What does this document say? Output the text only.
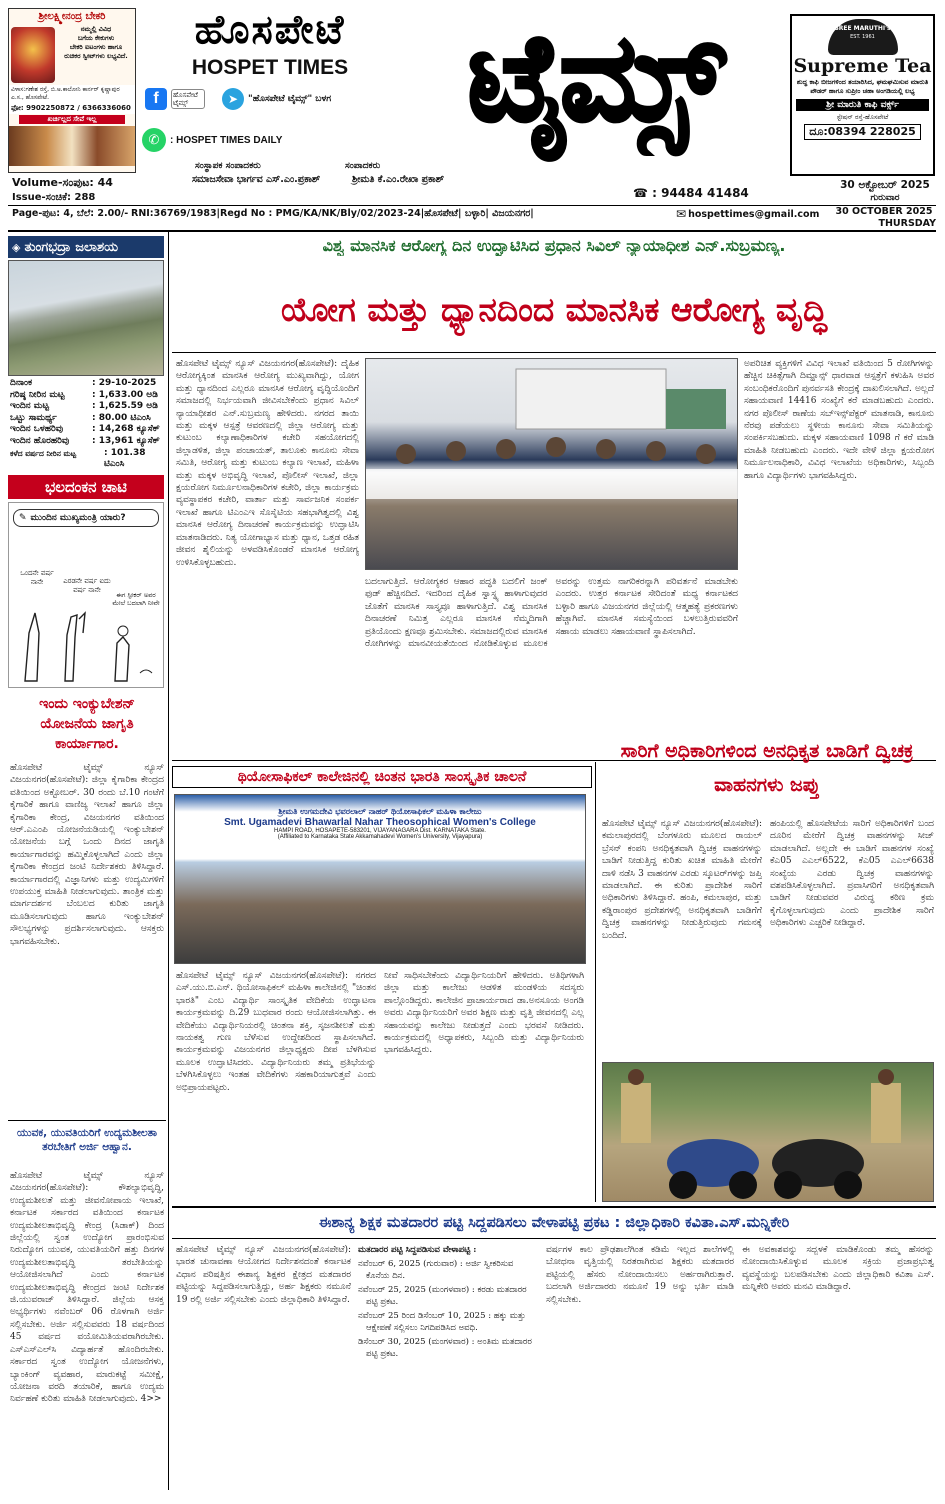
ಶ್ರೀಲಕ್ಷ್ಮೀನಂದ್ರ ಬೇಕರಿ
ನಮ್ಮಲ್ಲಿ ವಿವಿಧ
ಬಗೆಯ ಕೇಕುಗಳು
ಬೇಕರಿ ಐಟಂಗಳು ಹಾಗೂ
ರುಚಿಕರ ಸ್ವೀಟ್‌ಗಳು ಲಭ್ಯವಿದೆ.
ವಿಳಾಸ:ಗಣೇಶ ರಸ್ತೆ, ಬಿ.ಅ.ಕಾಲೋನಿ ಕಾರ್ನರ್ ಕೃಷ್ಣಾಪುರ ಎ.ಸ., ಹೊಸಪೇಟೆ.
ಫೋ: 9902250872 / 6366336060
ಖರ್ಚಿಲ್ಲದ ಸೇವೆ ಇಲ್ಲ
ಹೊಸಪೇಟೆ
HOSPET TIMES
f	ಹೊಸಪೇಟೆ ಟೈಮ್ಸ್	➤	"ಹೊಸಪೇಟೆ ಟೈಮ್ಸ್" ಬಳಗ
✆	: HOSPET TIMES DAILY	ಟೈಮ್ಸ್	SREE MARUTHI's
EST. 1961
Supreme Tea
ಶುದ್ಧ ಕಾಫಿ ಬೀಜಗಳಿಂದ ತಯಾರಿಸಿದ, ಘಮಘಮಿಸುವ ಮಾರುತಿ ಪೌಡರ್ ಹಾಗೂ ಸುಪ್ರೀಂ ಚಹಾ ಅಂಗಡಿಯಲ್ಲಿ ಲಭ್ಯ
ಶ್ರೀ ಮಾರುತಿ ಕಾಫಿ ವರ್ಕ್ಸ್
ಸ್ಟೇಷನ್ ರಸ್ತೆ-ಹೊಸಪೇಟೆ
ದೂ:08394 228025
ಸಂಸ್ಥಾಪಕ ಸಂಪಾದಕರು	ಸಂಪಾದಕರು
ಸಮಾಜಸೇವಾ ಭಾರ್ಗವ ಎಸ್.ಎಂ.ಪ್ರಕಾಶ್	ಶ್ರೀಮತಿ ಕೆ.ಎಂ.ರೇಖಾ ಪ್ರಕಾಶ್
Volume-ಸಂಪುಟ: 44
Issue-ಸಂಚಿಕೆ: 288	☎ : 94484 41484
30 ಅಕ್ಟೋಬರ್ 2025
ಗುರುವಾರ
Page-ಪುಟ: 4, ಬೆಲೆ: 2.00/- RNI:36769/1983|Regd No : PMG/KA/NK/Bly/02/2023-24|ಹೊಸಪೇಟೆ| ಬಳ್ಳಾರಿ| ವಿಜಯನಗರ|	✉ hospettimes@gmail.com	30 OCTOBER 2025
THURSDAY
◈ ತುಂಗಭದ್ರಾ ಜಲಾಶಯ
ದಿನಾಂಕ	: 29-10-2025
ಗರಿಷ್ಠ ನೀರಿನ ಮಟ್ಟ	: 1,633.00 ಅಡಿ
ಇಂದಿನ ಮಟ್ಟ	: 1,625.59 ಅಡಿ
ಒಟ್ಟು ಸಾಮರ್ಥ್ಯ	: 80.00 ಟಿಎಂಸಿ
ಇಂದಿನ ಒಳಹರಿವು	: 14,268 ಕ್ಯೂಸೆಕ್
ಇಂದಿನ ಹೊರಹರಿವು	: 13,961 ಕ್ಯೂಸೆಕ್
ಕಳೆದ ವರ್ಷದ ನೀರಿನ ಮಟ್ಟ	: 101.38 ಟಿಎಂಸಿ
ಭಲದಂಕನ ಚಾಟಿ
✎ ಮುಂದಿನ ಮುಖ್ಯಮಂತ್ರಿ ಯಾರು?
ಒಂದನೇ ವರ್ಷ ನಾನೇ	ಎರಡನೇ ವರ್ಷ ಐದು ವರ್ಷ ನಾನೇ
ಈಗ ಸ್ಪೀಕರ್ ಅವರ ಮೇಲೆ ಬದಲಾಗಿ ನೀವೇ
ಇಂದು ಇಂಕ್ಯುಬೇಶನ್ ಯೋಜನೆಯ ಜಾಗೃತಿ ಕಾರ್ಯಾಗಾರ.
ಹೊಸಪೇಟೆ ಟೈಮ್ಸ್ ನ್ಯೂಸ್ ವಿಜಯನಗರ(ಹೊಸಪೇಟೆ): ಜಿಲ್ಲಾ ಕೈಗಾರಿಕಾ ಕೇಂದ್ರದ ವತಿಯಿಂದ ಅಕ್ಟೋಬರ್. 30 ರಂದು ಬೆ.10 ಗಂಟೆಗೆ ಕೈಗಾರಿಕೆ ಹಾಗೂ ವಾಣಿಜ್ಯ ಇಲಾಖೆ ಹಾಗೂ ಜಿಲ್ಲಾ ಕೈಗಾರಿಕಾ ಕೇಂದ್ರ, ವಿಜಯನಗರ ವತಿಯಿಂದ ಆರ್.ಎಎಂಪಿ ಯೋಜನೆಯಡಿಯಲ್ಲಿ ಇಂಕ್ಯುಬೇಶನ್ ಯೋಜನೆಯ ಬಗ್ಗೆ ಒಂದು ದಿನದ ಜಾಗೃತಿ ಕಾರ್ಯಾಗಾರವನ್ನು ಹಮ್ಮಿಕೊಳ್ಳಲಾಗಿದೆ ಎಂದು ಜಿಲ್ಲಾ ಕೈಗಾರಿಕಾ ಕೇಂದ್ರದ ಜಂಟಿ ನಿರ್ದೇಶಕರು ತಿಳಿಸಿದ್ದಾರೆ. ಕಾರ್ಯಾಗಾರದಲ್ಲಿ ವಿಜ್ಞಾನಿಗಳು ಮತ್ತು ಉದ್ಯಮಿಗಳಿಗೆ ಉಪಯುಕ್ತ ಮಾಹಿತಿ ನೀಡಲಾಗುವುದು. ತಾಂತ್ರಿಕ ಮತ್ತು ಮಾರ್ಗದರ್ಶನ ಬೆಂಬಲದ ಕುರಿತು ಜಾಗೃತಿ ಮೂಡಿಸಲಾಗುವುದು ಹಾಗೂ ಇಂಕ್ಯುಬೇಶನ್ ಸೌಲಭ್ಯಗಳನ್ನು ಪ್ರದರ್ಶಿಸಲಾಗುವುದು. ಆಸಕ್ತರು ಭಾಗವಹಿಸಬೇಕು.
ಯುವಕ, ಯುವತಿಯರಿಗೆ ಉದ್ಯಮಶೀಲತಾ ತರಬೇತಿಗೆ ಅರ್ಜಿ ಆಹ್ವಾನ.
ಹೊಸಪೇಟೆ ಟೈಮ್ಸ್ ನ್ಯೂಸ್ ವಿಜಯನಗರ(ಹೊಸಪೇಟೆ): ಕೌಶಲ್ಯಾಭಿವೃದ್ಧಿ, ಉದ್ಯಮಶೀಲತೆ ಮತ್ತು ಜೀವನೋಪಾಯ ಇಲಾಖೆ, ಕರ್ನಾಟಕ ಸರ್ಕಾರದ ವತಿಯಿಂದ ಕರ್ನಾಟಕ ಉದ್ಯಮಶೀಲತಾಭಿವೃದ್ಧಿ ಕೇಂದ್ರ (ಸಿಡಾಕ್) ದಿಂದ ಜಿಲ್ಲೆಯಲ್ಲಿ ಸ್ವಂತ ಉದ್ಯೋಗ ಪ್ರಾರಂಭಿಸುವ ನಿರುದ್ಯೋಗ ಯುವಕ, ಯುವತಿಯರಿಗೆ ಹತ್ತು ದಿನಗಳ ಉದ್ಯಮಶೀಲತಾಭಿವೃದ್ಧಿ ತರಬೇತಿಯನ್ನು ಆಯೋಜಿಸಲಾಗಿದೆ ಎಂದು ಕರ್ನಾಟಕ ಉದ್ಯಮಶೀಲತಾಭಿವೃದ್ಧಿ ಕೇಂದ್ರದ ಜಂಟಿ ನಿರ್ದೇಶಕ ಜಿ.ಯುವರಾಜ್ ತಿಳಿಸಿದ್ದಾರೆ. ಜಿಲ್ಲೆಯ ಆಸಕ್ತ ಅಭ್ಯರ್ಥಿಗಳು ನವೆಂಬರ್ 06 ರೊಳಗಾಗಿ ಅರ್ಜಿ ಸಲ್ಲಿಸಬೇಕು. ಅರ್ಜಿ ಸಲ್ಲಿಸುವವರು 18 ವರ್ಷದಿಂದ 45 ವರ್ಷದ ವಯೋಮಿತಿಯವರಾಗಿರಬೇಕು. ಎಸ್‌ಎಸ್‌ಎಲ್‌ಸಿ ವಿದ್ಯಾರ್ಹತೆ ಹೊಂದಿರಬೇಕು. ಸರ್ಕಾರದ ಸ್ವಂತ ಉದ್ಯೋಗ ಯೋಜನೆಗಳು, ಬ್ಯಾಂಕಿಂಗ್ ವ್ಯವಹಾರ, ಮಾರುಕಟ್ಟೆ ಸಮೀಕ್ಷೆ, ಯೋಜನಾ ವರದಿ ತಯಾರಿಕೆ, ಹಾಗೂ ಉದ್ಯಮ ನಿರ್ವಹಣೆ ಕುರಿತು ಮಾಹಿತಿ ನೀಡಲಾಗುವುದು. 4>>
ವಿಶ್ವ ಮಾನಸಿಕ ಆರೋಗ್ಯ ದಿನ ಉದ್ಘಾಟಿಸಿದ ಪ್ರಧಾನ ಸಿವಿಲ್ ನ್ಯಾಯಾಧೀಶ ಎನ್.ಸುಬ್ರಮಣ್ಯ.
ಯೋಗ ಮತ್ತು ಧ್ಯಾನದಿಂದ ಮಾನಸಿಕ ಆರೋಗ್ಯ ವೃದ್ಧಿ
ಹೊಸಪೇಟೆ ಟೈಮ್ಸ್ ನ್ಯೂಸ್ ವಿಜಯನಗರ(ಹೊಸಪೇಟೆ): ದೈಹಿಕ ಆರೋಗ್ಯಕ್ಕಿಂತ ಮಾನಸಿಕ ಆರೋಗ್ಯ ಮುಖ್ಯವಾಗಿದ್ದು, ಯೋಗ ಮತ್ತು ಧ್ಯಾನದಿಂದ ಎಲ್ಲರೂ ಮಾನಸಿಕ ಆರೋಗ್ಯ ವೃದ್ಧಿಯೊಂದಿಗೆ ಸಮಾಜದಲ್ಲಿ ನಿರ್ಭಯವಾಗಿ ಜೀವಿಸಬೇಕೆಂದು ಪ್ರಧಾನ ಸಿವಿಲ್ ನ್ಯಾಯಾಧೀಶರ ಎನ್.ಸುಬ್ರಮಣ್ಯ ಹೇಳಿದರು. ನಗರದ ತಾಯಿ ಮತ್ತು ಮಕ್ಕಳ ಆಸ್ಪತ್ರೆ ಆವರಣದಲ್ಲಿ ಜಿಲ್ಲಾ ಆರೋಗ್ಯ ಮತ್ತು ಕುಟುಂಬ ಕಲ್ಯಾಣಾಧಿಕಾರಿಗಳ ಕಚೇರಿ ಸಹಯೋಗದಲ್ಲಿ ಜಿಲ್ಲಾಡಳಿತ, ಜಿಲ್ಲಾ ಪಂಚಾಯತ್, ತಾಲೂಕು ಕಾನೂನು ಸೇವಾ ಸಮಿತಿ, ಆರೋಗ್ಯ ಮತ್ತು ಕುಟುಂಬ ಕಲ್ಯಾಣ ಇಲಾಖೆ, ಮಹಿಳಾ ಮತ್ತು ಮಕ್ಕಳ ಅಭಿವೃದ್ಧಿ ಇಲಾಖೆ, ಪೊಲೀಸ್ ಇಲಾಖೆ, ಜಿಲ್ಲಾ ಕ್ಷಯರೋಗ ನಿರ್ಮೂಲನಾಧಿಕಾರಿಗಳ ಕಚೇರಿ, ಜಿಲ್ಲಾ ಕಾರ್ಯಕ್ರಮ ವ್ಯವಸ್ಥಾಪಕರ ಕಚೇರಿ, ವಾರ್ತಾ ಮತ್ತು ಸಾರ್ವಜನಿಕ ಸಂಪರ್ಕ ಇಲಾಖೆ ಹಾಗೂ ಟಿಎಂಎಇ ಸೊಸೈಟಿಯ ಸಹಭಾಗಿತ್ವದಲ್ಲಿ ವಿಶ್ವ ಮಾನಸಿಕ ಆರೋಗ್ಯ ದಿನಾಚರಣೆ ಕಾರ್ಯಕ್ರಮವನ್ನು ಉದ್ಘಾಟಿಸಿ ಮಾತನಾಡಿದರು. ನಿತ್ಯ ಯೋಗಾಭ್ಯಾಸ ಮತ್ತು ಧ್ಯಾನ, ಒತ್ತಡ ರಹಿತ ಜೀವನ ಶೈಲಿಯನ್ನು ಅಳವಡಿಸಿಕೊಂಡರೆ ಮಾನಸಿಕ ಆರೋಗ್ಯ ಉಳಿಸಿಕೊಳ್ಳಬಹುದು.
ಬದಲಾಗುತ್ತಿದೆ. ಆರೋಗ್ಯಕರ ಆಹಾರ ಪದ್ಧತಿ ಬದಲಿಗೆ ಜಂಕ್ ಫುಡ್ ಹೆಚ್ಚಿನದಿದೆ. ಇದರಿಂದ ದೈಹಿಕ ಸ್ವಾಸ್ಥ್ಯ ಹಾಳಾಗುವುದರ ಜೊತೆಗೆ ಮಾನಸಿಕ ಸಾಸ್ತ್ಯವೂ ಹಾಳಾಗುತ್ತಿದೆ. ವಿಶ್ವ ಮಾನಸಿಕ ದಿನಾಚರಣೆ ನಿಮಿತ್ತ ಎಲ್ಲರೂ ಮಾನಸಿಕ ನೆಮ್ಮದಿಗಾಗಿ ಪ್ರತಿಯೊಂದು ಕ್ಷಣವೂ ಶ್ರಮಿಸಬೇಕು. ಸಮಾಜದಲ್ಲಿರುವ ಮಾನಸಿಕ ರೋಗಿಗಳನ್ನು ಮಾನವೀಯತೆಯಿಂದ ನೋಡಿಕೊಳ್ಳುವ ಮೂಲಕ ಅವರನ್ನು ಉತ್ತಮ ನಾಗರಿಕರನ್ನಾಗಿ ಪರಿವರ್ತನೆ ಮಾಡಬೇಕು ಎಂದರು. ಉತ್ತರ ಕರ್ನಾಟಕ ಸೇರಿದಂತೆ ಮಧ್ಯ ಕರ್ನಾಟಕದ ಬಳ್ಳಾರಿ ಹಾಗೂ ವಿಜಯನಗರ ಜಿಲ್ಲೆಯಲ್ಲಿ ಆತ್ಮಹತ್ಯೆ ಪ್ರಕರಣಗಳು ಹೆಚ್ಚಾಗಿವೆ. ಮಾನಸಿಕ ಸಮಸ್ಯೆಯಿಂದ ಬಳಲುತ್ತಿರುವವರಿಗೆ ಸಹಾಯ ಮಾಡಲು ಸಹಾಯವಾಣಿ ಸ್ಥಾಪಿಸಲಾಗಿದೆ.
ಅಪರಿಚಿತ ವ್ಯಕ್ತಿಗಳಿಗೆ ವಿವಿಧ ಇಲಾಖೆ ವತಿಯಿಂದ 5 ರೋಗಿಗಳನ್ನು ಹೆಚ್ಚಿನ ಚಿಕಿತ್ಸೆಗಾಗಿ ದಿಮ್ಹಾನ್ಸ್ ಧಾರವಾಡ ಆಸ್ಪತ್ರೆಗೆ ಕಳುಹಿಸಿ ಅವರ ಸಂಬಂಧಿಕರೊಂದಿಗೆ ಪುನರ್ವಸತಿ ಕೇಂದ್ರಕ್ಕೆ ದಾಖಲಿಸಲಾಗಿದೆ. ಅಲ್ಲದೆ ಸಹಾಯವಾಣಿ 14416 ಸಂಖ್ಯೆಗೆ ಕರೆ ಮಾಡಬಹುದು ಎಂದರು. ನಗರ ಪೊಲೀಸ್ ಠಾಣೆಯ ಸಬ್‌ಇನ್ಸ್‌ಪೆಕ್ಟರ್ ಮಾತನಾಡಿ, ಕಾನೂನು ನೆರವು ಪಡೆಯಲು ಸ್ಥಳೀಯ ಕಾನೂನು ಸೇವಾ ಸಮಿತಿಯನ್ನು ಸಂಪರ್ಕಿಸಬಹುದು. ಮಕ್ಕಳ ಸಹಾಯವಾಣಿ 1098 ಗೆ ಕರೆ ಮಾಡಿ ಮಾಹಿತಿ ನೀಡಬಹುದು ಎಂದರು. ಇದೇ ವೇಳೆ ಜಿಲ್ಲಾ ಕ್ಷಯರೋಗ ನಿರ್ಮೂಲನಾಧಿಕಾರಿ, ವಿವಿಧ ಇಲಾಖೆಯ ಅಧಿಕಾರಿಗಳು, ಸಿಬ್ಬಂದಿ ಹಾಗೂ ವಿದ್ಯಾರ್ಥಿಗಳು ಭಾಗವಹಿಸಿದ್ದರು.
ಥಿಯೋಸಾಫಿಕಲ್ ಕಾಲೇಜಿನಲ್ಲಿ ಚಿಂತನ ಭಾರತಿ ಸಾಂಸ್ಕೃತಿಕ ಚಾಲನೆ
ಶ್ರೀಮತಿ ಉಗಮದೇವಿ ಭವರಲಾಲ್ ನಾಹರ್ ಥಿಯೋಸಾಫಿಕಲ್ ಮಹಿಳಾ ಕಾಲೇಜು
Smt. Ugamadevi Bhawarlal Nahar Theosophical Women's College
HAMPI ROAD, HOSAPETE-583201, VIJAYANAGARA Dist. KARNATAKA State.
(Affiliated to Karnataka State Akkamahadevi Women's University, Vijayapura)
ಹೊಸಪೇಟೆ ಟೈಮ್ಸ್ ನ್ಯೂಸ್ ವಿಜಯನಗರ(ಹೊಸಪೇಟೆ): ನಗರದ ಎಸ್.ಯು.ಬಿ.ಎನ್. ಥಿಯೋಸಾಫಿಕಲ್ ಮಹಿಳಾ ಕಾಲೇಜಿನಲ್ಲಿ "ಚಿಂತನ ಭಾರತಿ" ಎಂಬ ವಿದ್ಯಾರ್ಥಿ ಸಾಂಸ್ಕೃತಿಕ ವೇದಿಕೆಯ ಉದ್ಘಾಟನಾ ಕಾರ್ಯಕ್ರಮವನ್ನು ದಿ.29 ಬುಧವಾರ ರಂದು ಆಯೋಜಿಸಲಾಗಿತ್ತು. ಈ ವೇದಿಕೆಯು ವಿದ್ಯಾರ್ಥಿನಿಯರಲ್ಲಿ ಚಿಂತನಾ ಶಕ್ತಿ, ಸೃಜನಶೀಲತೆ ಮತ್ತು ನಾಯಕತ್ವ ಗುಣ ಬೆಳೆಸುವ ಉದ್ದೇಶದಿಂದ ಸ್ಥಾಪಿಸಲಾಗಿದೆ. ಕಾರ್ಯಕ್ರಮವನ್ನು ವಿಜಯನಗರ ಜಿಲ್ಲಾಧ್ಯಕ್ಷರು ದೀಪ ಬೆಳಗಿಸುವ ಮೂಲಕ ಉದ್ಘಾಟಿಸಿದರು. ವಿದ್ಯಾರ್ಥಿನಿಯರು ತಮ್ಮ ಪ್ರತಿಭೆಯನ್ನು ಬೆಳಗಿಸಿಕೊಳ್ಳಲು ಇಂತಹ ವೇದಿಕೆಗಳು ಸಹಕಾರಿಯಾಗುತ್ತವೆ ಎಂದು ಅಭಿಪ್ರಾಯಪಟ್ಟರು.
ನೀವೆ ಸಾಧಿಸಬೇಕೆಂದು ವಿದ್ಯಾರ್ಥಿನಿಯರಿಗೆ ಹೇಳಿದರು. ಅತಿಥಿಗಳಾಗಿ ಜಿಲ್ಲಾ ಮತ್ತು ಕಾಲೇಜು ಆಡಳಿತ ಮಂಡಳಿಯ ಸದಸ್ಯರು ಪಾಲ್ಗೊಂಡಿದ್ದರು. ಕಾಲೇಜಿನ ಪ್ರಾಚಾರ್ಯರಾದ ಡಾ.ಅನಸೂಯ ಅಂಗಡಿ ಅವರು ವಿದ್ಯಾರ್ಥಿನಿಯರಿಗೆ ಅವರ ಶಿಕ್ಷಣ ಮತ್ತು ವೃತ್ತಿ ಜೀವನದಲ್ಲಿ ಎಲ್ಲ ಸಹಾಯವನ್ನು ಕಾಲೇಜು ನೀಡುತ್ತದೆ ಎಂದು ಭರವಸೆ ನೀಡಿದರು. ಕಾರ್ಯಕ್ರಮದಲ್ಲಿ ಅಧ್ಯಾಪಕರು, ಸಿಬ್ಬಂದಿ ಮತ್ತು ವಿದ್ಯಾರ್ಥಿನಿಯರು ಭಾಗವಹಿಸಿದ್ದರು.
ಸಾರಿಗೆ ಅಧಿಕಾರಿಗಳಿಂದ ಅನಧಿಕೃತ ಬಾಡಿಗೆ ದ್ವಿಚಕ್ರ ವಾಹನಗಳು ಜಪ್ತು
ಹೊಸಪೇಟೆ ಟೈಮ್ಸ್ ನ್ಯೂಸ್ ವಿಜಯನಗರ(ಹೊಸಪೇಟೆ): ಕಮಲಾಪುರದಲ್ಲಿ ಬೆಂಗಳೂರು ಮೂಲದ ರಾಯಲ್ ಬ್ರೆಸನ್ ಕಂಪನಿ ಅನಧಿಕೃತವಾಗಿ ದ್ವಿಚಕ್ರ ವಾಹನಗಳನ್ನು ಬಾಡಿಗೆ ನೀಡುತ್ತಿದ್ದ ಕುರಿತು ಖಚಿತ ಮಾಹಿತಿ ಮೇರೆಗೆ ದಾಳಿ ನಡೆಸಿ 3 ವಾಹನಗಳ ಎರಡು ಸ್ಕೂಟರ್‌ಗಳನ್ನು ಜಪ್ತಿ ಮಾಡಲಾಗಿದೆ. ಈ ಕುರಿತು ಪ್ರಾದೇಶಿಕ ಸಾರಿಗೆ ಅಧಿಕಾರಿಗಳು ತಿಳಿಸಿದ್ದಾರೆ. ಹಂಪಿ, ಕಮಲಾಪುರ, ಮತ್ತು ಕಡ್ಡಿರಾಂಪುರ ಪ್ರದೇಶಗಳಲ್ಲಿ ಅನಧಿಕೃತವಾಗಿ ಬಾಡಿಗೆಗೆ ದ್ವಿಚಕ್ರ ವಾಹನಗಳನ್ನು ನೀಡುತ್ತಿರುವುದು ಗಮನಕ್ಕೆ ಬಂದಿದೆ.
ಹಂಪಿಯಲ್ಲಿ ಹೊಸಪೇಟೆಯ ಸಾರಿಗೆ ಅಧಿಕಾರಿಗಳಿಗೆ ಬಂದ ದೂರಿನ ಮೇರೆಗೆ ದ್ವಿಚಕ್ರ ವಾಹನಗಳನ್ನು ಸೀಜ್ ಮಾಡಲಾಗಿದೆ. ಅಲ್ಲದೇ ಈ ಬಾಡಿಗೆ ವಾಹನಗಳ ಸಂಖ್ಯೆ ಕೆಎ05 ಎಎಲ್6522, ಕೆಎ05 ಎಎಲ್6638 ಸಂಖ್ಯೆಯ ಎರಡು ದ್ವಿಚಕ್ರ ವಾಹನಗಳನ್ನು ವಶಪಡಿಸಿಕೊಳ್ಳಲಾಗಿದೆ. ಪ್ರವಾಸಿಗರಿಗೆ ಅನಧಿಕೃತವಾಗಿ ಬಾಡಿಗೆ ನೀಡುವವರ ವಿರುದ್ಧ ಕಠಿಣ ಕ್ರಮ ಕೈಗೊಳ್ಳಲಾಗುವುದು ಎಂದು ಪ್ರಾದೇಶಿಕ ಸಾರಿಗೆ ಅಧಿಕಾರಿಗಳು ಎಚ್ಚರಿಕೆ ನೀಡಿದ್ದಾರೆ.
ಈಶಾನ್ಯ ಶಿಕ್ಷಕ ಮತದಾರರ ಪಟ್ಟಿ ಸಿದ್ದಪಡಿಸಲು ವೇಳಾಪಟ್ಟಿ ಪ್ರಕಟ : ಜಿಲ್ಲಾಧಿಕಾರಿ ಕವಿತಾ.ಎಸ್.ಮನ್ನಿಕೇರಿ
ಹೊಸಪೇಟೆ ಟೈಮ್ಸ್ ನ್ಯೂಸ್ ವಿಜಯನಗರ(ಹೊಸಪೇಟೆ): ಭಾರತ ಚುನಾವಣಾ ಆಯೋಗದ ನಿರ್ದೇಶನದಂತೆ ಕರ್ನಾಟಕ ವಿಧಾನ ಪರಿಷತ್ತಿನ ಈಶಾನ್ಯ ಶಿಕ್ಷಕರ ಕ್ಷೇತ್ರದ ಮತದಾರರ ಪಟ್ಟಿಯನ್ನು ಸಿದ್ದಪಡಿಸಲಾಗುತ್ತಿದ್ದು, ಅರ್ಹ ಶಿಕ್ಷಕರು ನಮೂನೆ 19 ರಲ್ಲಿ ಅರ್ಜಿ ಸಲ್ಲಿಸಬೇಕು ಎಂದು ಜಿಲ್ಲಾಧಿಕಾರಿ ತಿಳಿಸಿದ್ದಾರೆ.
ಮತದಾರರ ಪಟ್ಟಿ ಸಿದ್ದಪಡಿಸುವ ವೇಳಾಪಟ್ಟಿ :
ನವೆಂಬರ್ 6, 2025 (ಗುರುವಾರ) : ಅರ್ಜಿ ಸ್ವೀಕರಿಸುವ ಕೊನೆಯ ದಿನ.
ನವೆಂಬರ್ 25, 2025 (ಮಂಗಳವಾರ) : ಕರಡು ಮತದಾರರ ಪಟ್ಟಿ ಪ್ರಕಟ.
ನವೆಂಬರ್ 25 ರಿಂದ ಡಿಸೆಂಬರ್ 10, 2025 : ಹಕ್ಕು ಮತ್ತು ಆಕ್ಷೇಪಣೆ ಸಲ್ಲಿಸಲು ನಿಗದಿಪಡಿಸಿದ ಅವಧಿ.
ಡಿಸೆಂಬರ್ 30, 2025 (ಮಂಗಳವಾರ) : ಅಂತಿಮ ಮತದಾರರ ಪಟ್ಟಿ ಪ್ರಕಟ.
ವರ್ಷಗಳ ಕಾಲ ಪ್ರೌಢಶಾಲೆಗಿಂತ ಕಡಿಮೆ ಇಲ್ಲದ ಶಾಲೆಗಳಲ್ಲಿ ಬೋಧನಾ ವೃತ್ತಿಯಲ್ಲಿ ನಿರತರಾಗಿರುವ ಶಿಕ್ಷಕರು ಮತದಾರರ ಪಟ್ಟಿಯಲ್ಲಿ ಹೆಸರು ನೋಂದಾಯಿಸಲು ಅರ್ಹರಾಗಿರುತ್ತಾರೆ. ಬದಲಾಗಿ ಅರ್ಜಿದಾರರು ನಮೂನೆ 19 ಅನ್ನು ಭರ್ತಿ ಮಾಡಿ ಸಲ್ಲಿಸಬೇಕು.
ಈ ಅವಕಾಶವನ್ನು ಸದ್ಬಳಕೆ ಮಾಡಿಕೊಂಡು ತಮ್ಮ ಹೆಸರನ್ನು ನೋಂದಾಯಿಸಿಕೊಳ್ಳುವ ಮೂಲಕ ಸಕ್ರಿಯ ಪ್ರಜಾಪ್ರಭುತ್ವ ವ್ಯವಸ್ಥೆಯನ್ನು ಬಲಪಡಿಸಬೇಕು ಎಂದು ಜಿಲ್ಲಾಧಿಕಾರಿ ಕವಿತಾ ಎಸ್. ಮನ್ನಿಕೇರಿ ಅವರು ಮನವಿ ಮಾಡಿದ್ದಾರೆ.
